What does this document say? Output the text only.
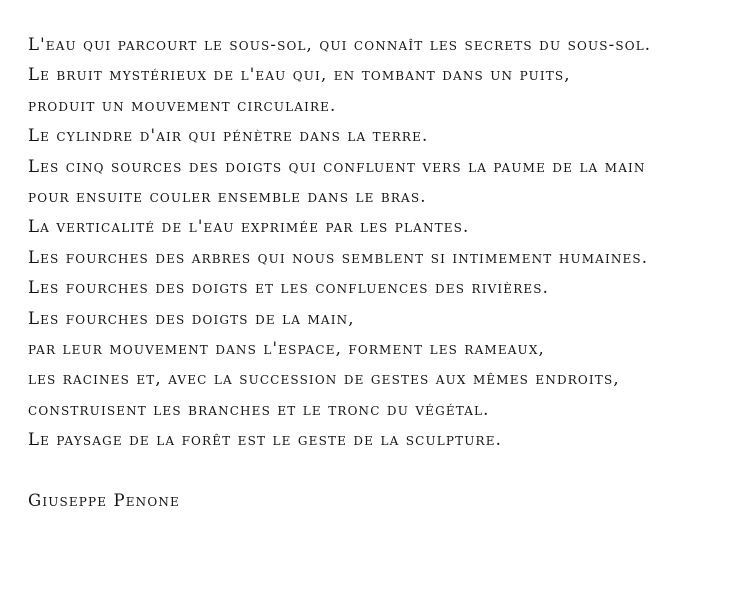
L'eau qui parcourt le sous-sol, qui connaît les secrets du sous-sol.
Le bruit mystérieux de l'eau qui, en tombant dans un puits,
produit un mouvement circulaire.
Le cylindre d'air qui pénètre dans la terre.
Les cinq sources des doigts qui confluent vers la paume de la main
pour ensuite couler ensemble dans le bras.
La verticalité de l'eau exprimée par les plantes.
Les fourches des arbres qui nous semblent si intimement humaines.
Les fourches des doigts et les confluences des rivières.
Les fourches des doigts de la main,
par leur mouvement dans l'espace, forment les rameaux,
les racines et, avec la succession de gestes aux mêmes endroits,
construisent les branches et le tronc du végétal.
Le paysage de la forêt est le geste de la sculpture.
Giuseppe Penone
